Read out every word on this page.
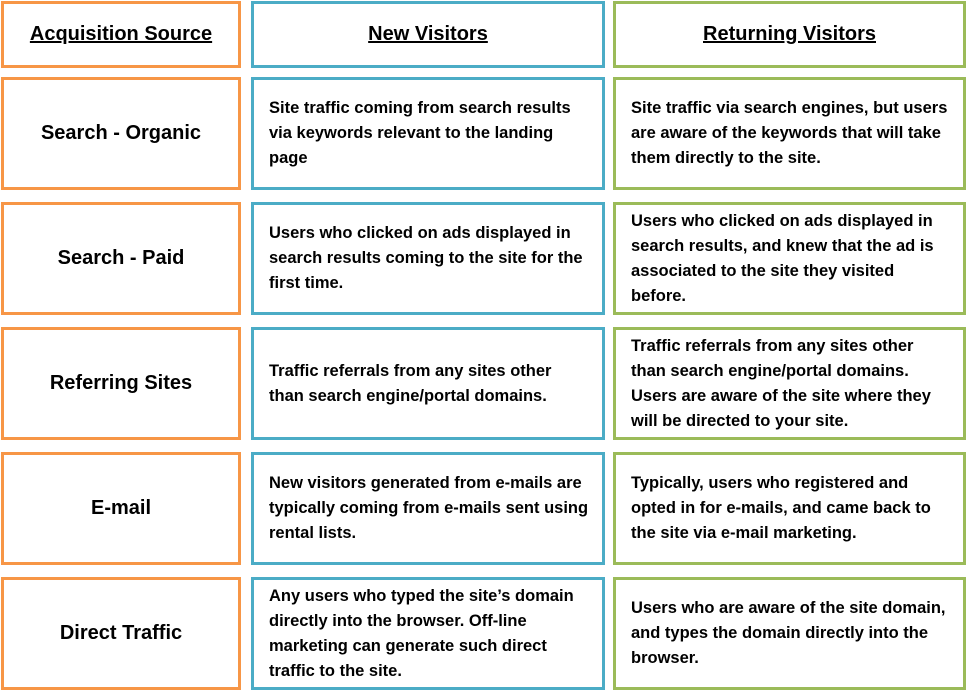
Acquisition Source	New Visitors	Returning Visitors
Search - Organic
Site traffic coming from search results via keywords relevant to the landing page
Site traffic via search engines, but users are aware of the keywords that will take them directly to the site.
Search - Paid
Users who clicked on ads displayed in search results coming to the site for the first time.
Users who clicked on ads displayed in search results, and knew that the ad is associated to the site they visited before.
Referring Sites
Traffic referrals from any sites other than search engine/portal domains.
Traffic referrals from any sites other than search engine/portal domains. Users are aware of the site where they will be directed to your site.
E-mail
New visitors generated from e-mails are typically coming from e-mails sent using rental lists.
Typically, users who registered and opted in for e-mails, and came back to the site via e-mail marketing.
Direct Traffic
Any users who typed the site’s domain directly into the browser. Off-line marketing can generate such direct traffic to the site.
Users who are aware of the site domain, and types the domain directly into the browser.
